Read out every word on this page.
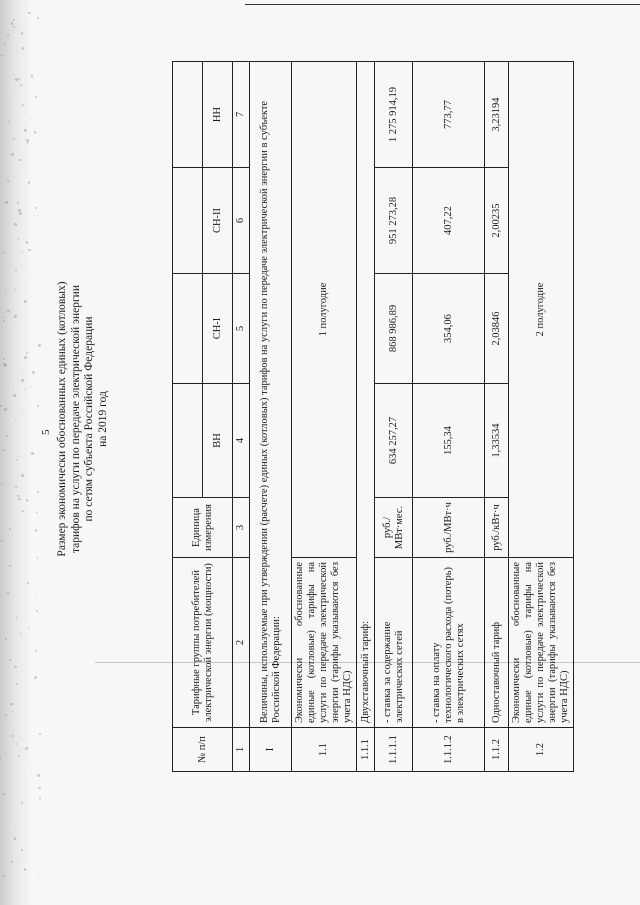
5 Размер экономически обоснованных единых (котловых) тарифов на услуги по передаче электрической энергии по сетям субъекта Российской Федерации на 2019 год
№ п/п	Тарифные группы потребителей электрической энергии (мощности)	Единица измерения				
			ВН	СН-I	СН-II	НН
1	2	3	4	5	6	7
I	Величины, используемые при утверждении (расчете) единых (котловых) тарифов на услуги по передаче электрической энергии в субъекте Российской Федерации:					
1.1	Экономически обоснованные единые (котловые) тарифы на услуги по передаче электрической энергии (тарифы указываются без учета НДС)	1 полугодие				
1.1.1	Двухставочный тариф:					
1.1.1.1	- ставка за содержание электрических сетей	руб./МВт·мес.	634 257,27	868 986,89	951 273,28	1 275 914,19
1.1.1.2	- ставка на оплату технологического расхода (потерь) в электрических сетях	руб./МВт·ч	155,34	354,06	407,22	773,77
1.1.2	Одноставочный тариф	руб./кВт·ч	1,33534	2,03846	2,00235	3,23194
1.2	Экономически обоснованные единые (котловые) тарифы на услуги по передаче электрической энергии (тарифы указываются без учета НДС)	2 полугодие				
